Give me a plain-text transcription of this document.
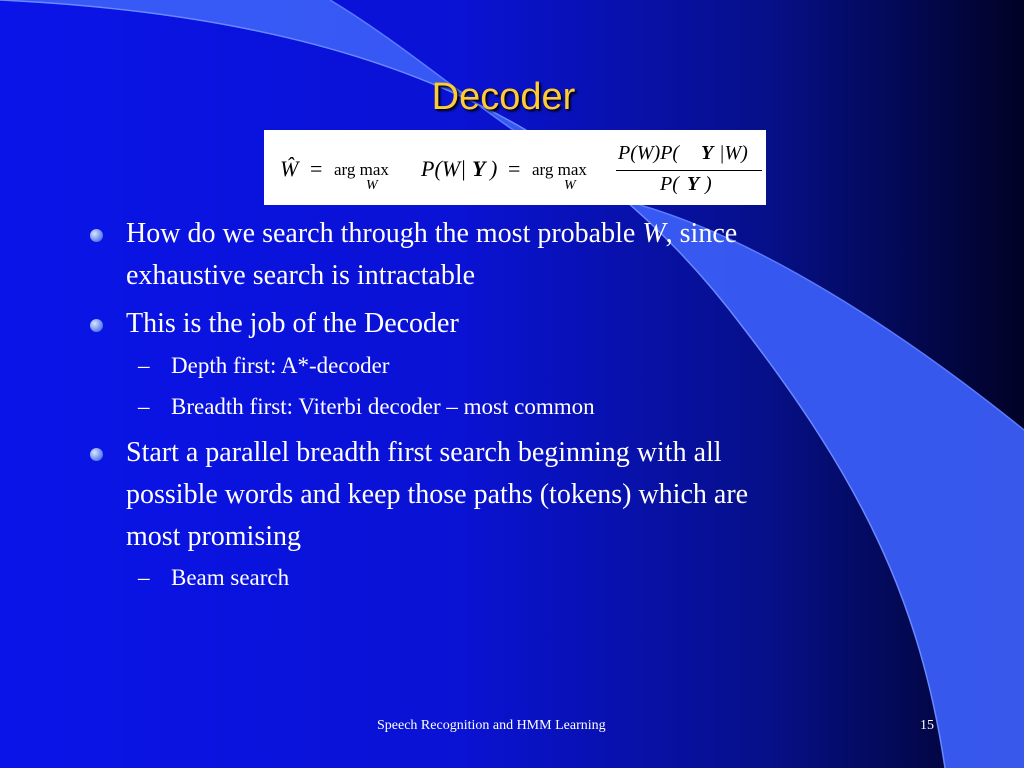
Decoder
Ŵ = arg max
W
P(W| Y ) = arg max
W
P(W)P( Y |W)
P( Y )
How do we search through the most probable W, since
exhaustive search is intractable
This is the job of the Decoder
– Depth first: A*-decoder
– Breadth first: Viterbi decoder – most common
Start a parallel breadth first search beginning with all
possible words and keep those paths (tokens) which are
most promising
– Beam search
Speech Recognition and HMM Learning	15
